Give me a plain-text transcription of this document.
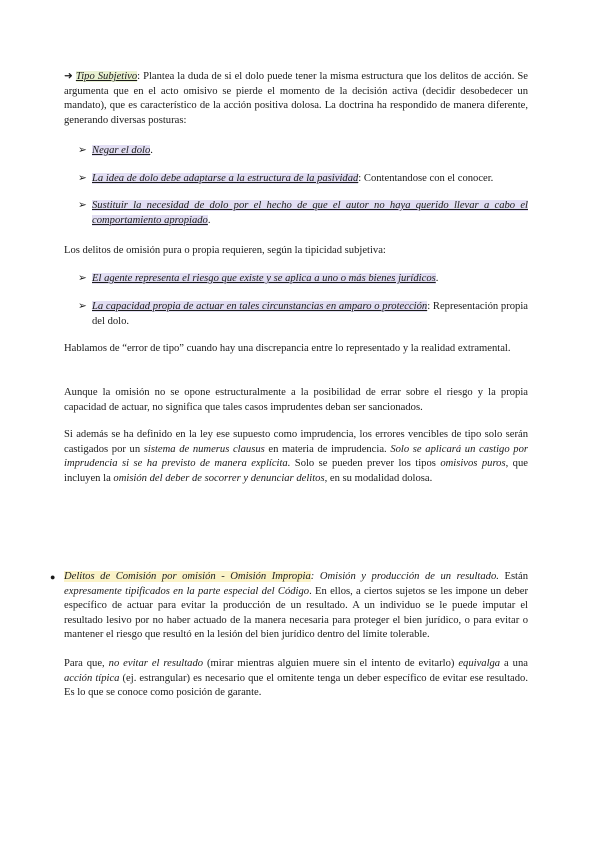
➜ Tipo Subjetivo: Plantea la duda de si el dolo puede tener la misma estructura que los delitos de acción. Se argumenta que en el acto omisivo se pierde el momento de la decisión activa (decidir desobedecer un mandato), que es característico de la acción positiva dolosa. La doctrina ha respondido de manera diferente, generando diversas posturas:
➢ Negar el dolo.
➢ La idea de dolo debe adaptarse a la estructura de la pasividad: Contentandose con el conocer.
➢ Sustituir la necesidad de dolo por el hecho de que el autor no haya querido llevar a cabo el comportamiento apropiado.
Los delitos de omisión pura o propia requieren, según la tipicidad subjetiva:
➢ El agente representa el riesgo que existe y se aplica a uno o más bienes jurídicos.
➢ La capacidad propia de actuar en tales circunstancias en amparo o protección: Representación propia del dolo.
Hablamos de “error de tipo” cuando hay una discrepancia entre lo representado y la realidad extramental.
Aunque la omisión no se opone estructuralmente a la posibilidad de errar sobre el riesgo y la propia capacidad de actuar, no significa que tales casos imprudentes deban ser sancionados.
Si además se ha definido en la ley ese supuesto como imprudencia, los errores vencibles de tipo solo serán castigados por un sistema de numerus clausus en materia de imprudencia. Solo se aplicará un castigo por imprudencia si se ha previsto de manera explícita. Solo se pueden prever los tipos omisivos puros, que incluyen la omisión del deber de socorrer y denunciar delitos, en su modalidad dolosa.
● Delitos de Comisión por omisión - Omisión Impropia: Omisión y producción de un resultado. Están expresamente tipificados en la parte especial del Código. En ellos, a ciertos sujetos se les impone un deber específico de actuar para evitar la producción de un resultado. A un individuo se le puede imputar el resultado lesivo por no haber actuado de la manera necesaria para proteger el bien jurídico, o para evitar o mantener el riesgo que resultó en la lesión del bien jurídico dentro del límite tolerable.
Para que, no evitar el resultado (mirar mientras alguien muere sin el intento de evitarlo) equivalga a una acción típica (ej. estrangular) es necesario que el omitente tenga un deber específico de evitar ese resultado. Es lo que se conoce como posición de garante.
